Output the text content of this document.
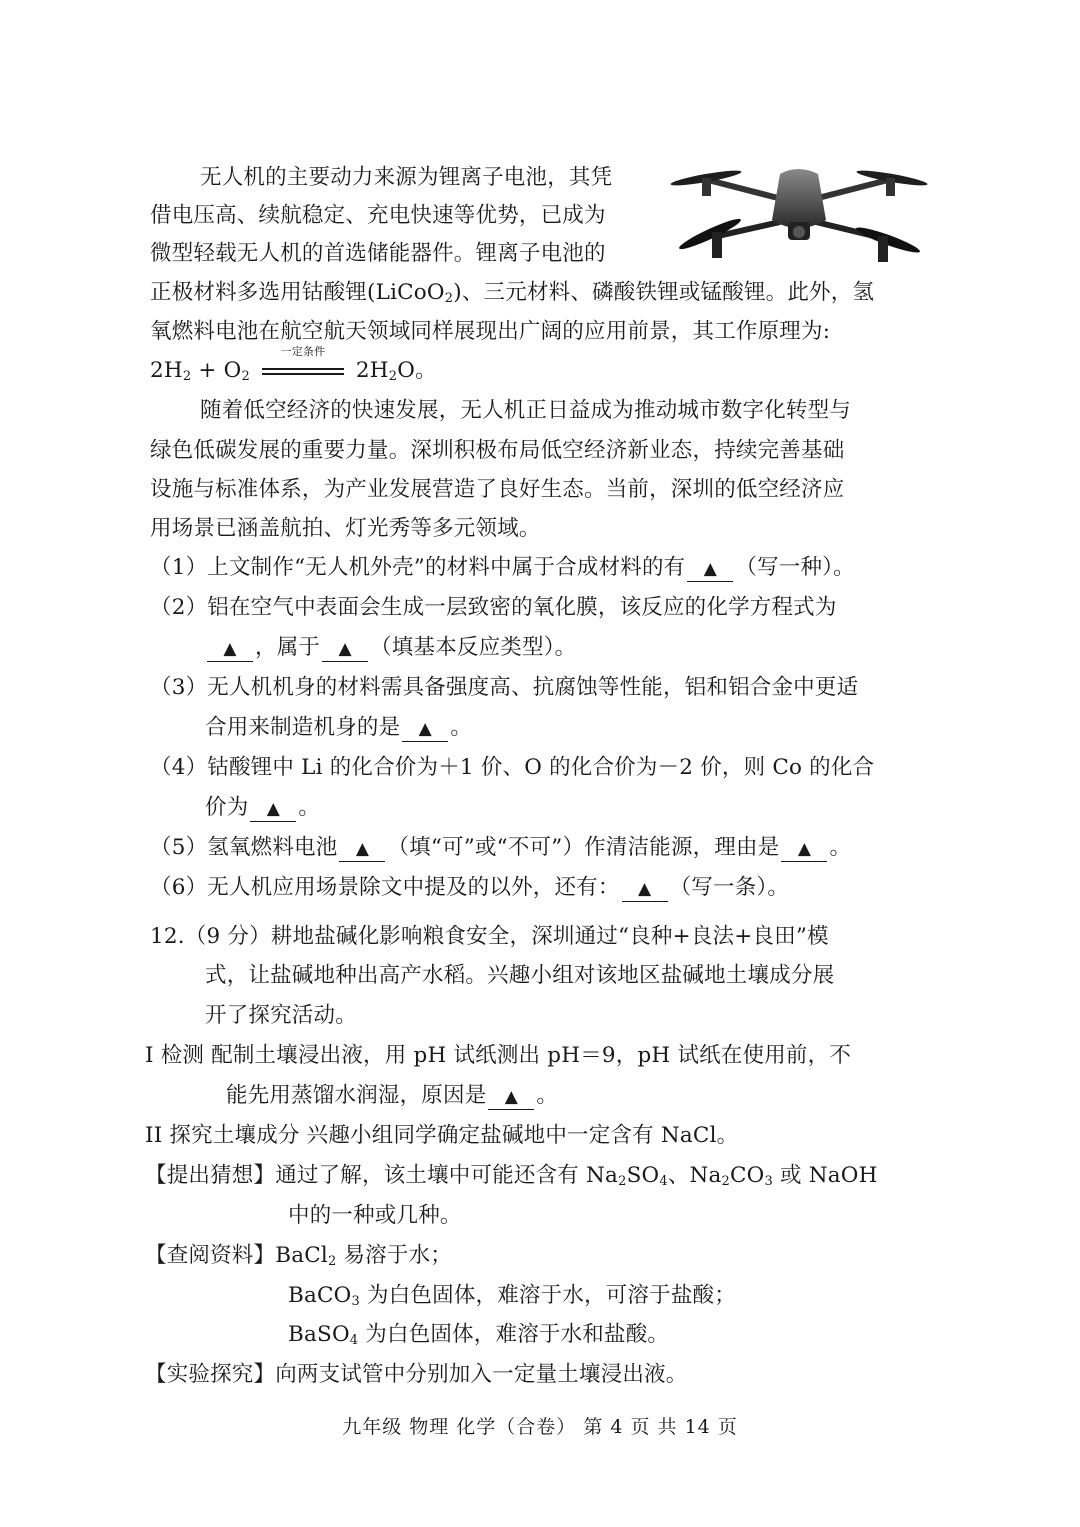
无人机的主要动力来源为锂离子电池，其凭
借电压高、续航稳定、充电快速等优势，已成为
微型轻载无人机的首选储能器件。锂离子电池的
正极材料多选用钴酸锂(LiCoO$_2$)、三元材料、磷酸铁锂或锰酸锂。此外，氢
氧燃料电池在航空航天领域同样展现出广阔的应用前景，其工作原理为:
$2H_2 + O_2$
一定条件
$2H_2O$。
随着低空经济的快速发展，无人机正日益成为推动城市数字化转型与
绿色低碳发展的重要力量。深圳积极布局低空经济新业态，持续完善基础
设施与标准体系，为产业发展营造了良好生态。当前，深圳的低空经济应
用场景已涵盖航拍、灯光秀等多元领域。
（1）上文制作“无人机外壳”的材料中属于合成材料的有 ▲ （写一种）。
（2）铝在空气中表面会生成一层致密的氧化膜，该反应的化学方程式为
▲ ，属于 ▲ （填基本反应类型）。
（3）无人机机身的材料需具备强度高、抗腐蚀等性能，铝和铝合金中更适
合用来制造机身的是 ▲ 。
（4）钴酸锂中 Li 的化合价为＋1 价、O 的化合价为－2 价，则 Co 的化合
价为 ▲ 。
（5）氢氧燃料电池 ▲ （填“可”或“不可”）作清洁能源，理由是 ▲ 。
（6）无人机应用场景除文中提及的以外，还有： ▲ （写一条）。
12.（9 分）耕地盐碱化影响粮食安全，深圳通过“良种+良法+良田”模
式，让盐碱地种出高产水稻。兴趣小组对该地区盐碱地土壤成分展
开了探究活动。
I 检测 配制土壤浸出液，用 pH 试纸测出 pH＝9，pH 试纸在使用前，不
能先用蒸馏水润湿，原因是 ▲ 。
II 探究土壤成分 兴趣小组同学确定盐碱地中一定含有 NaCl。
【提出猜想】通过了解，该土壤中可能还含有 $Na_2SO_4$、$Na_2CO_3$ 或 NaOH
中的一种或几种。
【查阅资料】BaCl$_2$ 易溶于水；
BaCO$_3$ 为白色固体，难溶于水，可溶于盐酸；
BaSO$_4$ 为白色固体，难溶于水和盐酸。
【实验探究】向两支试管中分别加入一定量土壤浸出液。
九年级 物理 化学（合卷） 第 4 页 共 14 页
